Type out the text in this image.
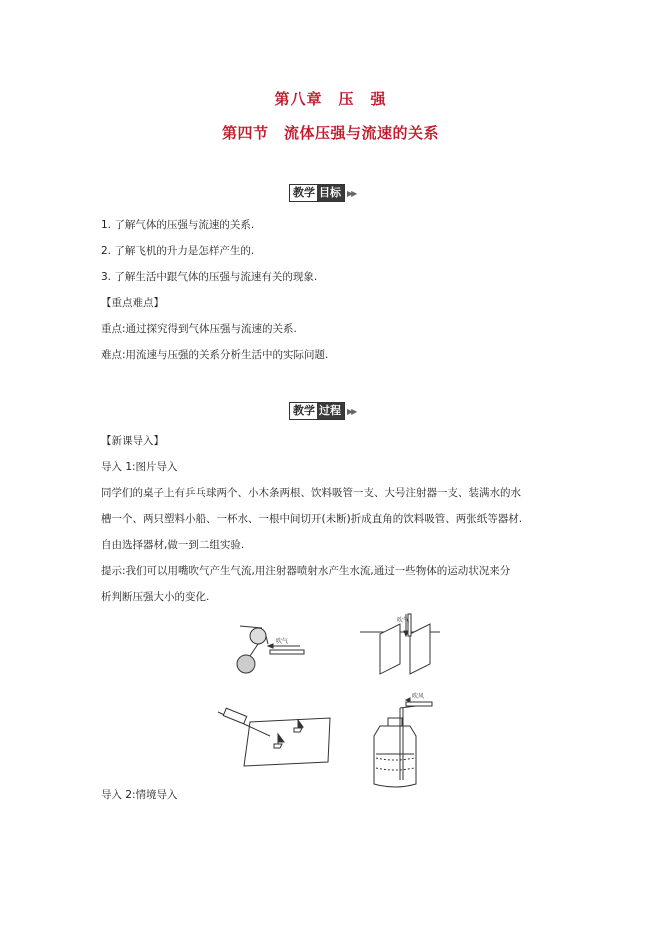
第八章　压　强
第四节　流体压强与流速的关系
教学 目标 ▶▶
1. 了解气体的压强与流速的关系.
2. 了解飞机的升力是怎样产生的.
3. 了解生活中跟气体的压强与流速有关的现象.
【重点难点】
重点:通过探究得到气体压强与流速的关系.
难点:用流速与压强的关系分析生活中的实际问题.
教学 过程 ▶▶
【新课导入】
导入 1:图片导入
同学们的桌子上有乒乓球两个、小木条两根、饮料吸管一支、大号注射器一支、装满水的水
槽一个、两只塑料小船、一杯水、一根中间切开(未断)折成直角的饮料吸管、两张纸等器材.
自由选择器材,做一到二组实验.
提示:我们可以用嘴吹气产生气流,用注射器喷射水产生水流,通过一些物体的运动状况来分
析判断压强大小的变化.
吹气
吹气
吹风
导入 2:情境导入
